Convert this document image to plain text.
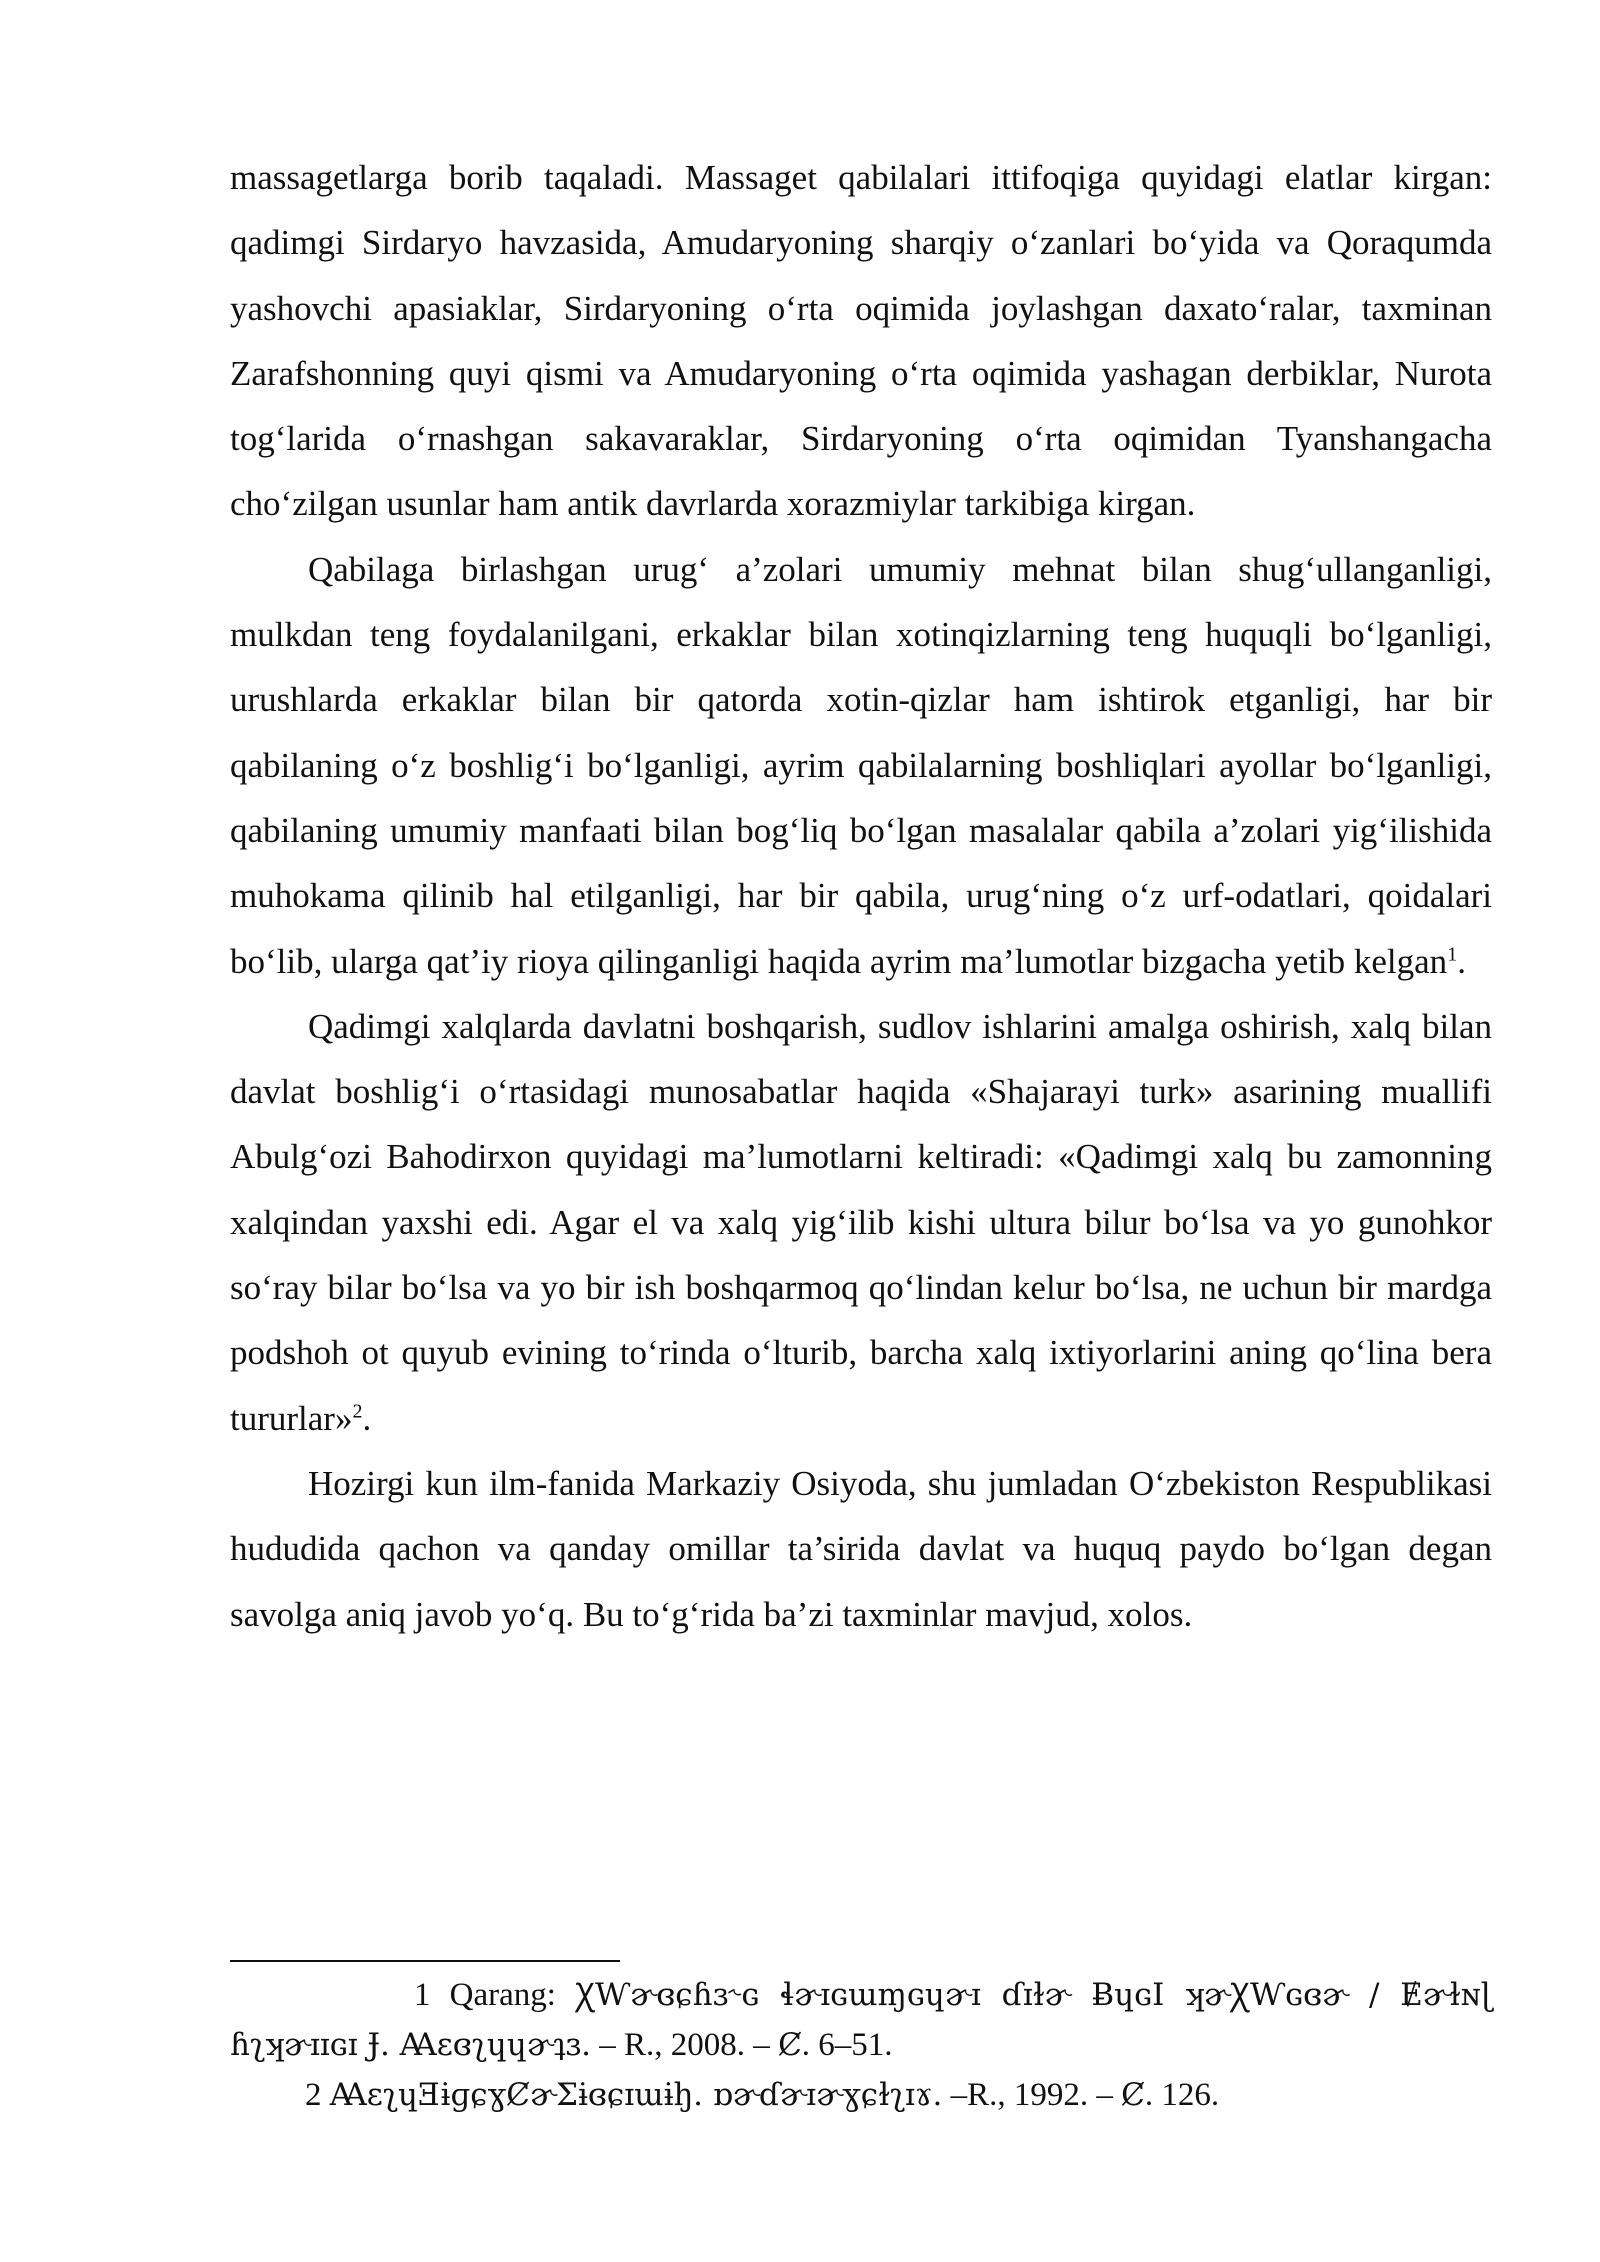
massagetlarga borib taqaladi. Massaget qabilalari ittifoqiga quyidagi elatlar kirgan: qadimgi Sirdaryo havzasida, Amudaryoning sharqiy o‘zanlari bo‘yida va Qoraqumda yashovchi apasiaklar, Sirdaryoning o‘rta oqimida joylashgan daxato‘ralar, taxminan Zarafshonning quyi qismi va Amudaryoning o‘rta oqimida yashagan derbiklar, Nurota tog‘larida o‘rnashgan sakavaraklar, Sirdaryoning o‘rta oqimidan Tyanshangacha cho‘zilgan usunlar ham antik davrlarda xorazmiylar tarkibiga kirgan.

Qabilaga birlashgan urug‘ a’zolari umumiy mehnat bilan shug‘ullanganligi, mulkdan teng foydalanilgani, erkaklar bilan xotinqizlarning teng huquqli bo‘lganligi, urushlarda erkaklar bilan bir qatorda xotin-qizlar ham ishtirok etganligi, har bir qabilaning o‘z boshlig‘i bo‘lganligi, ayrim qabilalarning boshliqlari ayollar bo‘lganligi, qabilaning umumiy manfaati bilan bog‘liq bo‘lgan masalalar qabila a’zolari yig‘ilishida muhokama qilinib hal etilganligi, har bir qabila, urug‘ning o‘z urf-odatlari, qoidalari bo‘lib, ularga qat’iy rioya qilinganligi haqida ayrim ma’lumotlar bizgacha yetib kelgan$^1$.

Qadimgi xalqlarda davlatni boshqarish, sudlov ishlarini amalga oshirish, xalq bilan davlat boshlig‘i o‘rtasidagi munosabatlar haqida «Shajarayi turk» asarining muallifi Abulg‘ozi Bahodirxon quyidagi ma’lumotlarni keltiradi: «Qadimgi xalq bu zamonning xalqindan yaxshi edi. Agar el va xalq yig‘ilib kishi ultura bilur bo‘lsa va yo gunohkor so‘ray bilar bo‘lsa va yo bir ish boshqarmoq qo‘lindan kelur bo‘lsa, ne uchun bir mardga podshoh ot quyub evining to‘rinda o‘lturib, barcha xalq ixtiyorlarini aning qo‘lina bera tururlar»$^2$.

Hozirgi kun ilm-fanida Markaziy Osiyoda, shu jumladan O‘zbekiston Respublikasi hududida qachon va qanday omillar ta’sirida davlat va huquq paydo bo‘lgan degan savolga aniq javob yo‘q. Bu to‘g‘rida ba’zi taxminlar mavjud, xolos.

1 Qarang: ꞳⱲɚɞɕɦɜ˞ɢ ɬɚɪɢɯɱɢɥɚɪ ɗɪɫɚ ɃɥɢӀ ʞɚꞳⱲɢɞɚ / Ɇɚɫɴɭ ɦʅʞɚɪɪɢɪ Ɉ. Ꜳɛɞʅɥɥɚʇɜ. – R., 2008. – Ȼ. 6–51.

2 ꜲɛʅɥƎɨɡɕɣȻɚƩɨɞɕɪɯɨꜧ. ɒɚɗɚɪɚɣɕɫʅɪɤ. –R., 1992. – Ȼ. 126.
